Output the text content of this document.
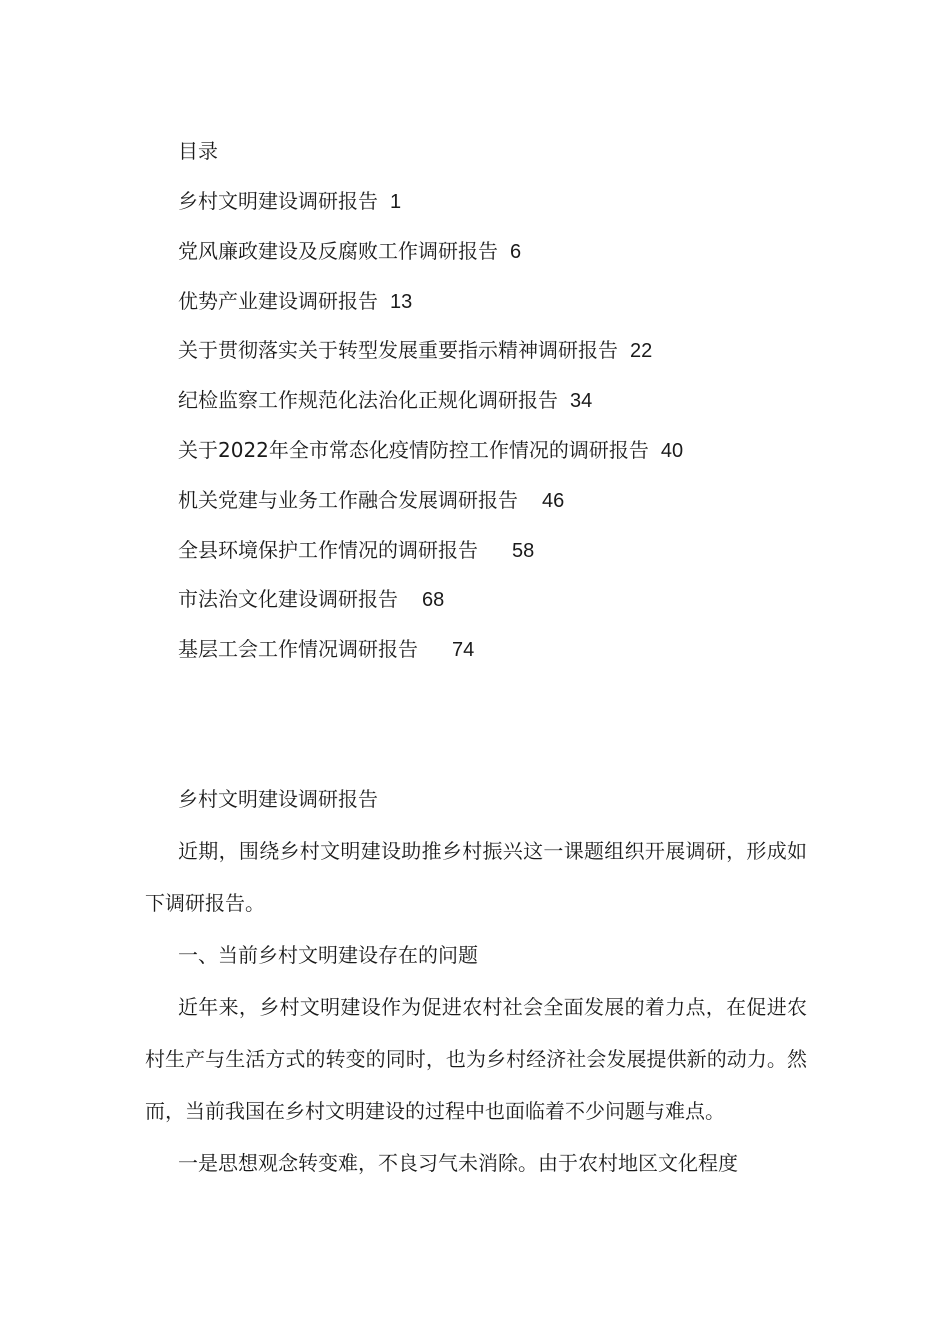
目录
乡村文明建设调研报告 1
党风廉政建设及反腐败工作调研报告 6
优势产业建设调研报告 13
关于贯彻落实关于转型发展重要指示精神调研报告 22
纪检监察工作规范化法治化正规化调研报告 34
关于2022年全市常态化疫情防控工作情况的调研报告 40
机关党建与业务工作融合发展调研报告 46
全县环境保护工作情况的调研报告 58
市法治文化建设调研报告 68
基层工会工作情况调研报告 74
乡村文明建设调研报告

近期，围绕乡村文明建设助推乡村振兴这一课题组织开展调研，形成如下调研报告。

一、当前乡村文明建设存在的问题

近年来，乡村文明建设作为促进农村社会全面发展的着力点，在促进农村生产与生活方式的转变的同时，也为乡村经济社会发展提供新的动力。然而，当前我国在乡村文明建设的过程中也面临着不少问题与难点。

一是思想观念转变难，不良习气未消除。由于农村地区文化程度
